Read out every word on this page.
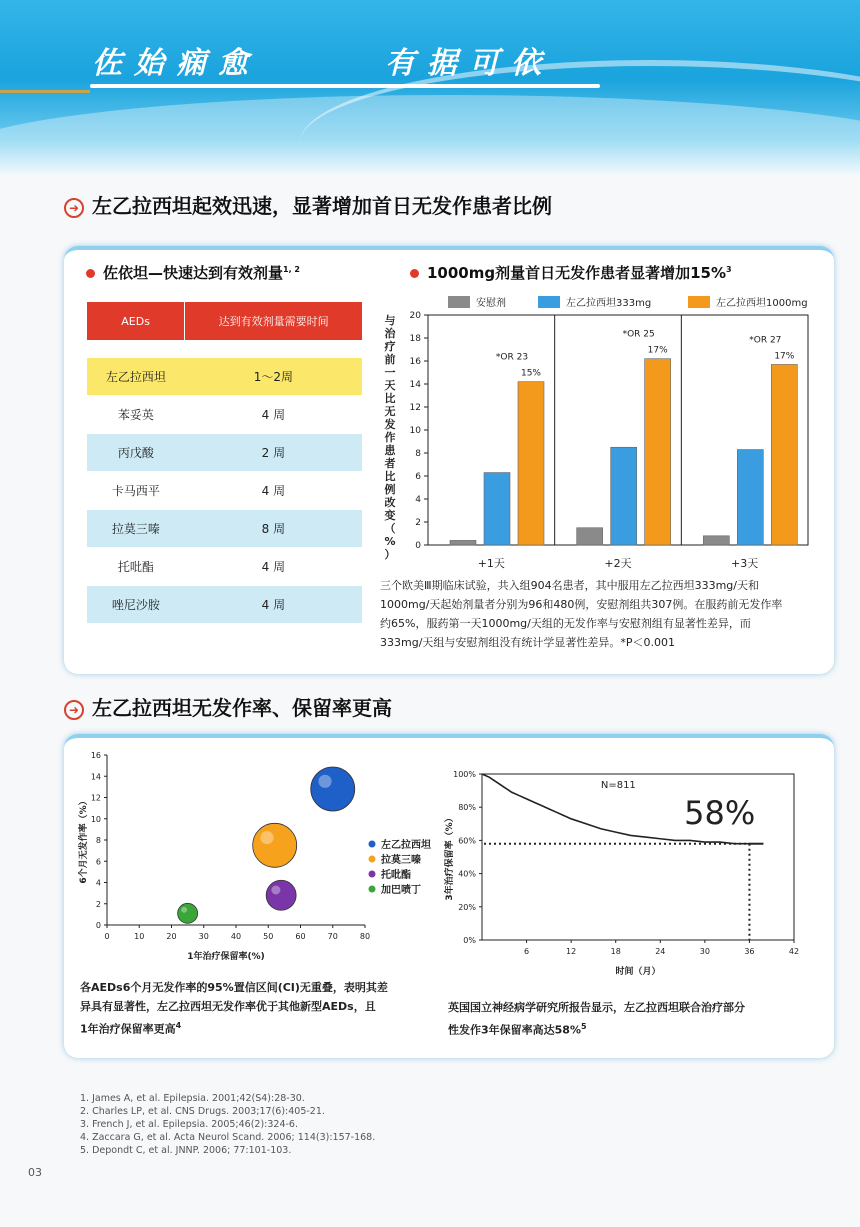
佐始痫愈	有据可依
➜ 左乙拉西坦起效迅速，显著增加首日无发作患者比例
佐依坦—快速达到有效剂量$^{1, 2}$
AEDs	达到有效剂量需要时间

左乙拉西坦	1～2周
苯妥英	4 周
丙戊酸	2 周
卡马西平	4 周
拉莫三嗪	8 周
托吡酯	4 周
唑尼沙胺	4 周
1000mg剂量首日无发作患者显著增加15%$^3$
安慰剂	左乙拉西坦333mg	左乙拉西坦1000mg
与
治
疗
前
一
天
比
无
发
作
患
者
比
例
改
变
（
%
）
0
2
4
6
8
10
12
14
16
18
20
+1天
15%
*OR 23
+2天
17%
*OR 25
+3天
17%
*OR 27
三个欧美Ⅲ期临床试验，共入组904名患者，其中服用左乙拉西坦333mg/天和
1000mg/天起始剂量者分别为96和480例，安慰剂组共307例。在服药前无发作率
约65%，服药第一天1000mg/天组的无发作率与安慰剂组有显著性差异，而
333mg/天组与安慰剂组没有统计学显著性差异。*P＜0.001
➜ 左乙拉西坦无发作率、保留率更高
0	10	20	30	40	50	60	70	80
0
2
4
6
8
10
12
14
16
1年治疗保留率(%)
6个月无发作率（%）	左乙拉西坦
拉莫三嗪
托吡酯
加巴喷丁
6	12	18	24	30	36	42
0%
20%
40%
60%
80%
100%
时间（月）
3年治疗保留率（%）
N=811
58%
各AEDs6个月无发作率的95%置信区间(CI)无重叠，表明其差
异具有显著性，左乙拉西坦无发作率优于其他新型AEDs，且
1年治疗保留率更高$^4$
英国国立神经病学研究所报告显示，左乙拉西坦联合治疗部分
性发作3年保留率高达58%$^5$
1. James A, et al. Epilepsia. 2001;42(S4):28-30.
2. Charles LP, et al. CNS Drugs. 2003;17(6):405-21.
3. French J, et al. Epilepsia. 2005;46(2):324-6.
4. Zaccara G, et al. Acta Neurol Scand. 2006; 114(3):157-168.
5. Depondt C, et al. JNNP. 2006; 77:101-103.
03
